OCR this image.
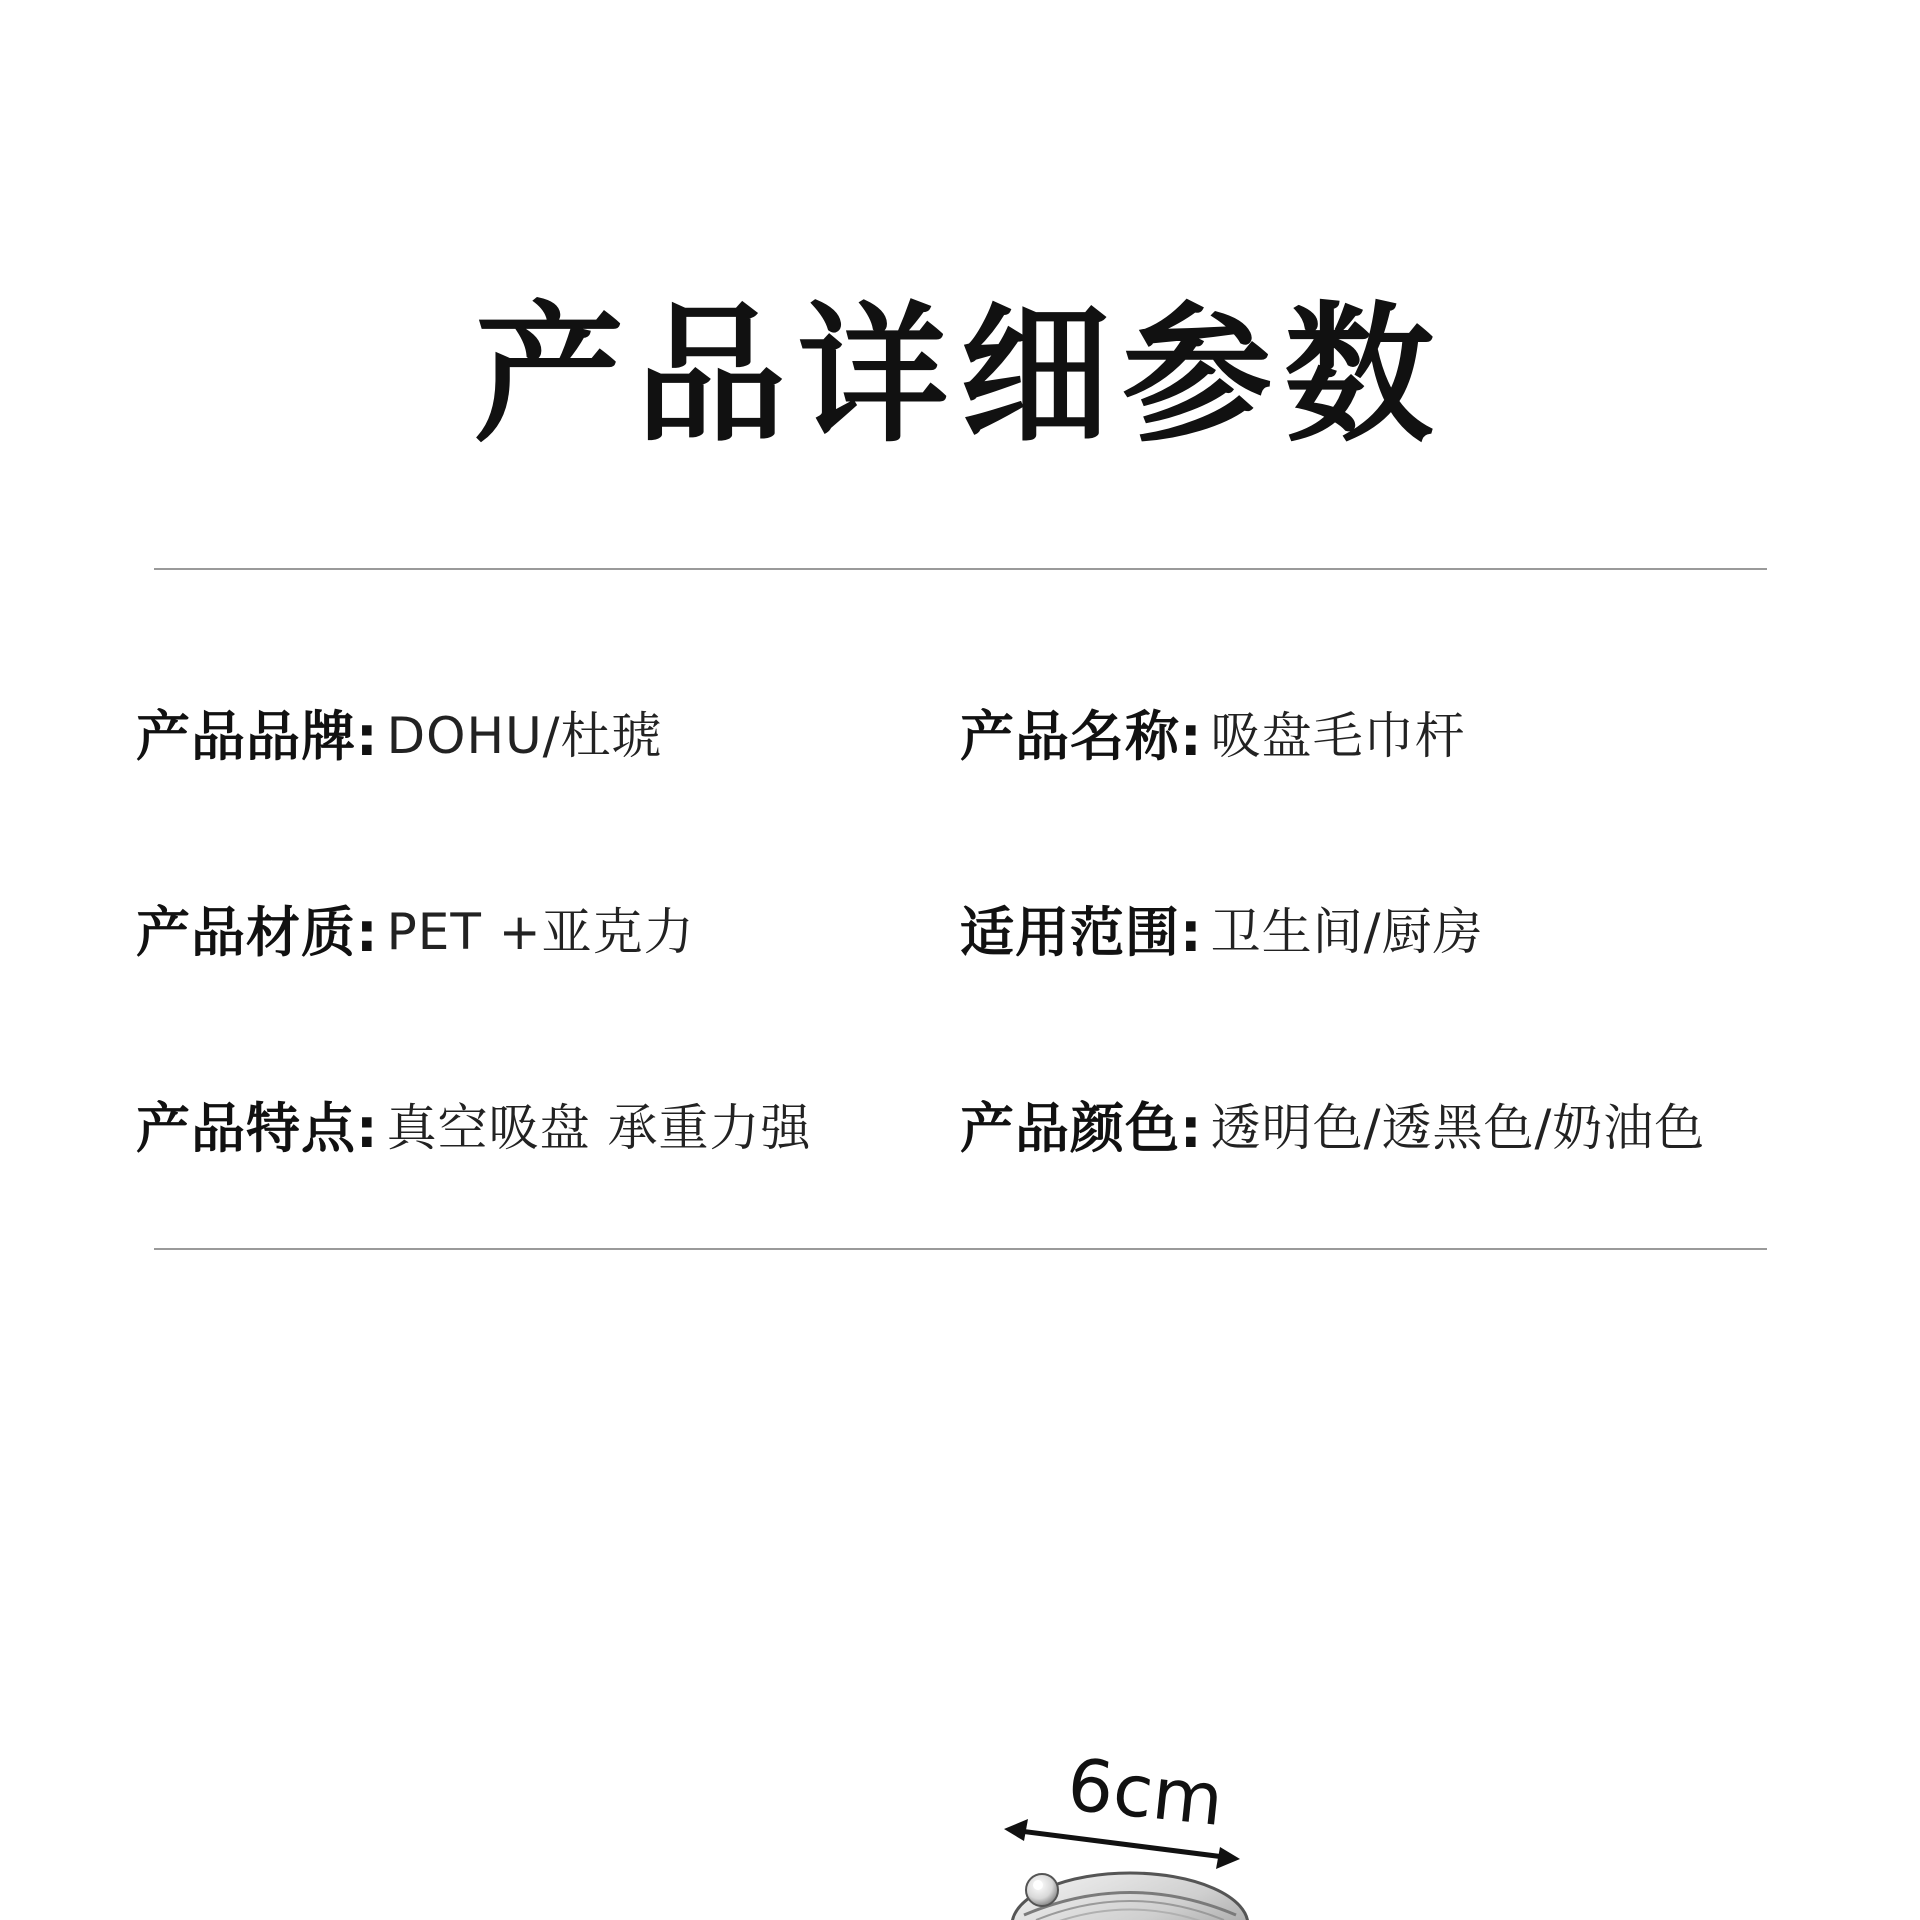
产品详细参数
产品品牌: DOHU/杜琥	产品名称: 吸盘毛巾杆
产品材质: PET +亚克力	适用范围: 卫生间/厨房
产品特点: 真空吸盘 承重力强	产品颜色: 透明色/透黑色/奶油色
6cm
